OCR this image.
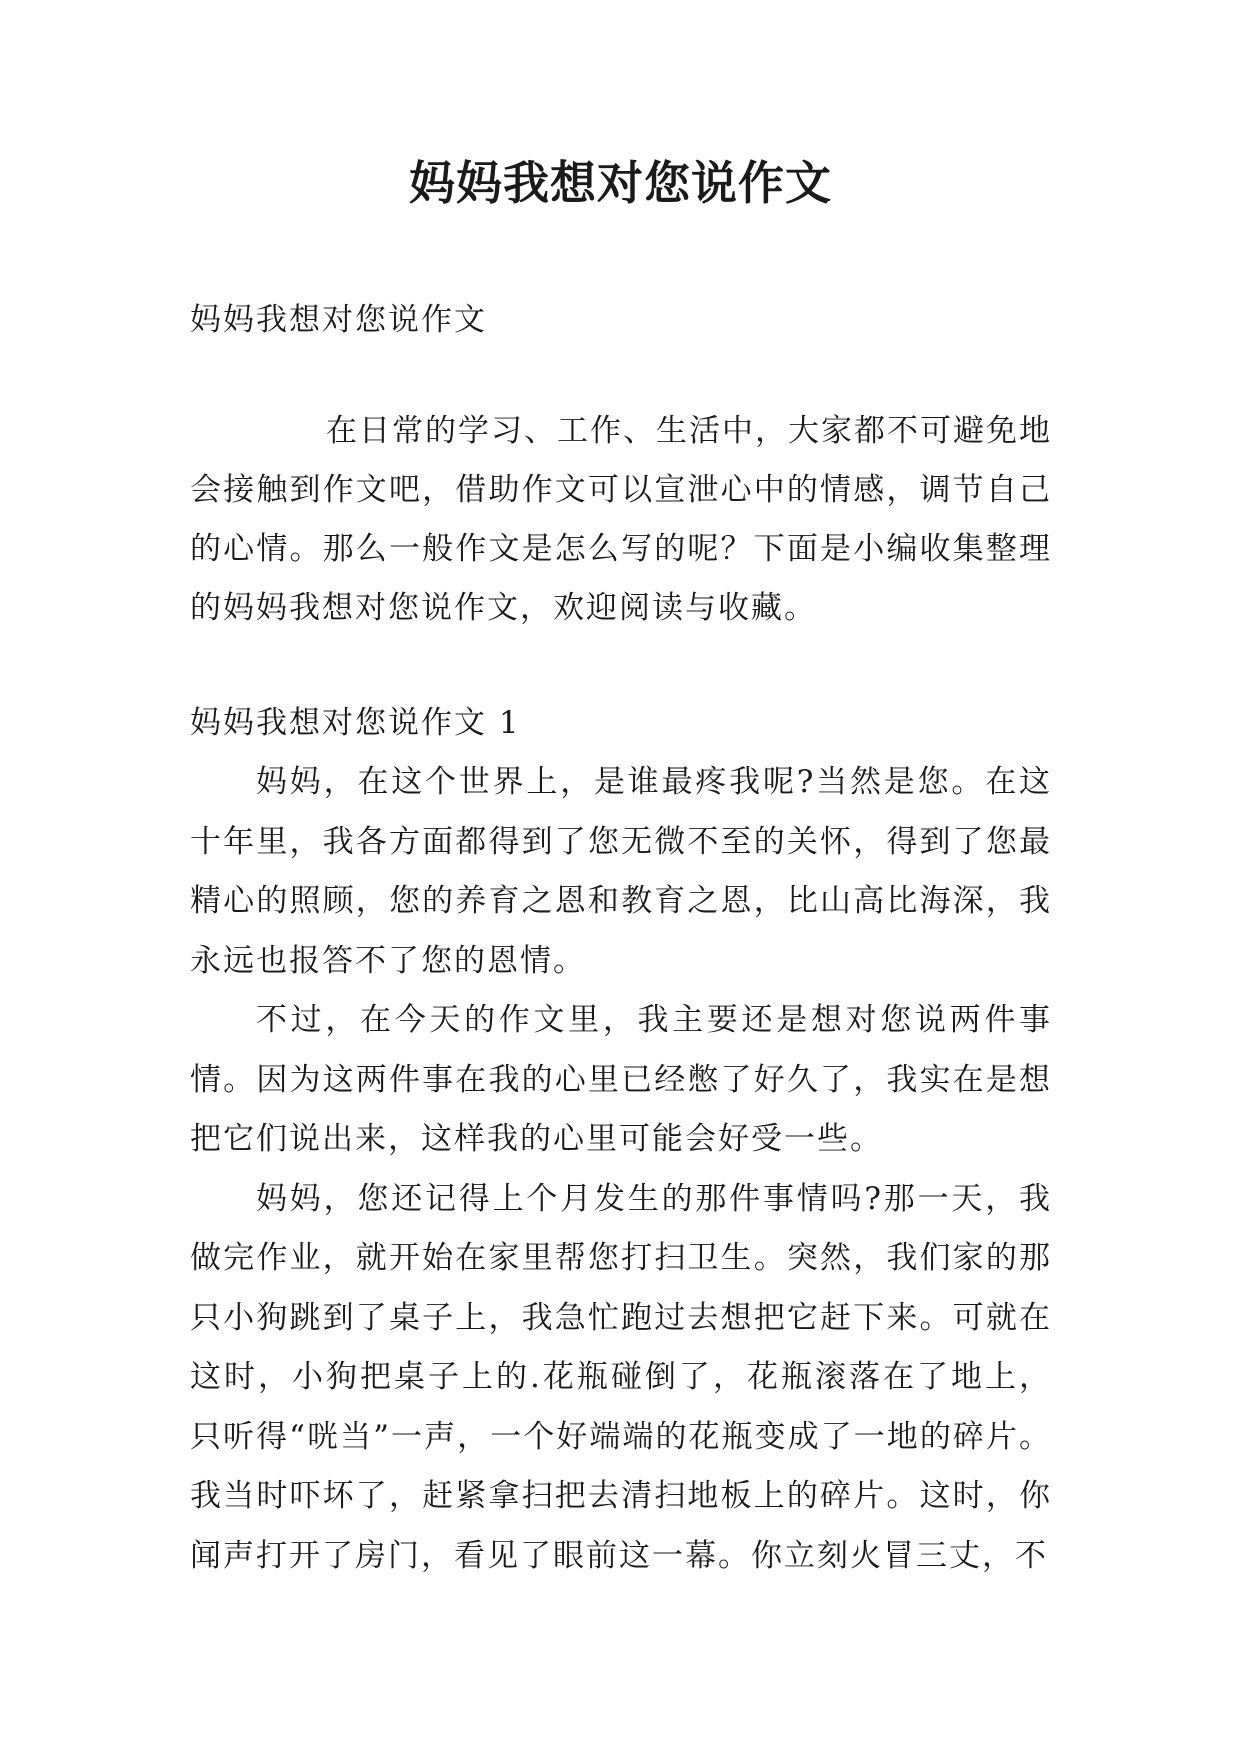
妈妈我想对您说作文

妈妈我想对您说作文

在日常的学习、工作、生活中，大家都不可避免地会接触到作文吧，借助作文可以宣泄心中的情感，调节自己的心情。那么一般作文是怎么写的呢？下面是小编收集整理的妈妈我想对您说作文，欢迎阅读与收藏。

妈妈我想对您说作文 1

妈妈，在这个世界上，是谁最疼我呢?当然是您。在这十年里，我各方面都得到了您无微不至的关怀，得到了您最精心的照顾，您的养育之恩和教育之恩，比山高比海深，我永远也报答不了您的恩情。

不过，在今天的作文里，我主要还是想对您说两件事情。因为这两件事在我的心里已经憋了好久了，我实在是想把它们说出来，这样我的心里可能会好受一些。

妈妈，您还记得上个月发生的那件事情吗?那一天，我做完作业，就开始在家里帮您打扫卫生。突然，我们家的那只小狗跳到了桌子上，我急忙跑过去想把它赶下来。可就在这时，小狗把桌子上的.花瓶碰倒了，花瓶滚落在了地上，只听得“咣当”一声，一个好端端的花瓶变成了一地的碎片。我当时吓坏了，赶紧拿扫把去清扫地板上的碎片。这时，你闻声打开了房门，看见了眼前这一幕。你立刻火冒三丈，不
